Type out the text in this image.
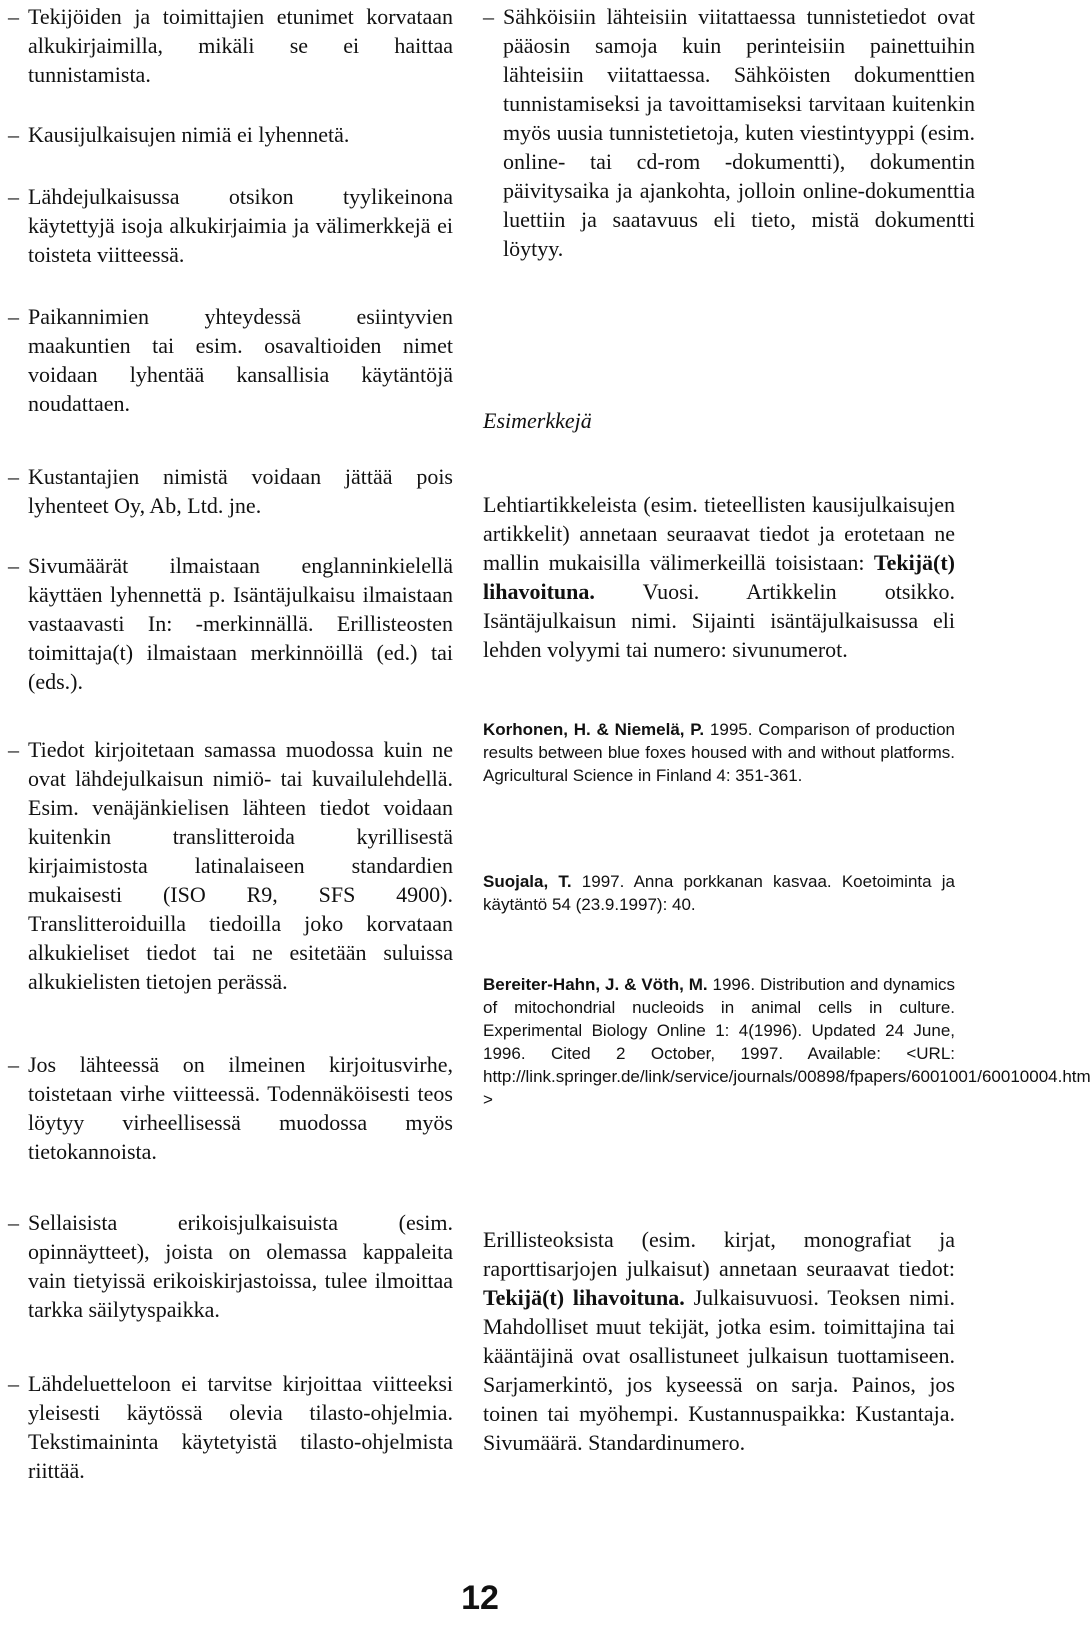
– Tekijöiden ja toimittajien etunimet korvataan alkukirjaimilla, mikäli se ei haittaa tunnistamista.
– Kausijulkaisujen nimiä ei lyhennetä.
– Lähdejulkaisussa otsikon tyylikeinona käytettyjä isoja alkukirjaimia ja välimerkkejä ei toisteta viitteessä.
– Paikannimien yhteydessä esiintyvien maakuntien tai esim. osavaltioiden nimet voidaan lyhentää kansallisia käytäntöjä noudattaen.
– Kustantajien nimistä voidaan jättää pois lyhenteet Oy, Ab, Ltd. jne.
– Sivumäärät ilmaistaan englanninkielellä käyttäen lyhennettä p. Isäntäjulkaisu ilmaistaan vastaavasti In: -merkinnällä. Erillisteosten toimittaja(t) ilmaistaan merkinnöillä (ed.) tai (eds.).
– Tiedot kirjoitetaan samassa muodossa kuin ne ovat lähdejulkaisun nimiö- tai kuvailulehdellä. Esim. venäjänkielisen lähteen tiedot voidaan kuitenkin translitteroida kyrillisestä kirjaimistosta latinalaiseen standardien mukaisesti (ISO R9, SFS 4900). Translitteroiduilla tiedoilla joko korvataan alkukieliset tiedot tai ne esitetään suluissa alkukielisten tietojen perässä.
– Jos lähteessä on ilmeinen kirjoitusvirhe, toistetaan virhe viitteessä. Todennäköisesti teos löytyy virheellisessä muodossa myös tietokannoista.
– Sellaisista erikoisjulkaisuista (esim. opinnäytteet), joista on olemassa kappaleita vain tietyissä erikoiskirjastoissa, tulee ilmoittaa tarkka säilytyspaikka.
– Lähdeluetteloon ei tarvitse kirjoittaa viitteeksi yleisesti käytössä olevia tilasto-ohjelmia. Tekstimaininta käytetyistä tilasto-ohjelmista riittää.
– Sähköisiin lähteisiin viitattaessa tunnistetiedot ovat pääosin samoja kuin perinteisiin painettuihin lähteisiin viitattaessa. Sähköisten dokumenttien tunnistamiseksi ja tavoittamiseksi tarvitaan kuitenkin myös uusia tunnistetietoja, kuten viestintyyppi (esim. online- tai cd-rom -dokumentti), dokumentin päivitysaika ja ajankohta, jolloin online-dokumenttia luettiin ja saatavuus eli tieto, mistä dokumentti löytyy.
Esimerkkejä
Lehtiartikkeleista (esim. tieteellisten kausijulkaisujen artikkelit) annetaan seuraavat tiedot ja erotetaan ne mallin mukaisilla välimerkeillä toisistaan: Tekijä(t) lihavoituna. Vuosi. Artikkelin otsikko. Isäntäjulkaisun nimi. Sijainti isäntäjulkaisussa eli lehden volyymi tai numero: sivunumerot.
Korhonen, H. & Niemelä, P. 1995. Comparison of production results between blue foxes housed with and without platforms. Agricultural Science in Finland 4: 351-361.
Suojala, T. 1997. Anna porkkanan kasvaa. Koetoiminta ja käytäntö 54 (23.9.1997): 40.
Bereiter-Hahn, J. & Vöth, M. 1996. Distribution and dynamics of mitochondrial nucleoids in animal cells in culture. Experimental Biology Online 1: 4(1996). Updated 24 June, 1996. Cited 2 October, 1997. Available: <URL: http://link.springer.de/link/service/journals/00898/fpapers/6001001/60010004.htm >
Erillisteoksista (esim. kirjat, monografiat ja raporttisarjojen julkaisut) annetaan seuraavat tiedot: Tekijä(t) lihavoituna. Julkaisuvuosi. Teoksen nimi. Mahdolliset muut tekijät, jotka esim. toimittajina tai kääntäjinä ovat osallistuneet julkaisun tuottamiseen. Sarjamerkintö, jos kyseessä on sarja. Painos, jos toinen tai myöhempi. Kustannuspaikka: Kustantaja. Sivumäärä. Standardinumero.
12
